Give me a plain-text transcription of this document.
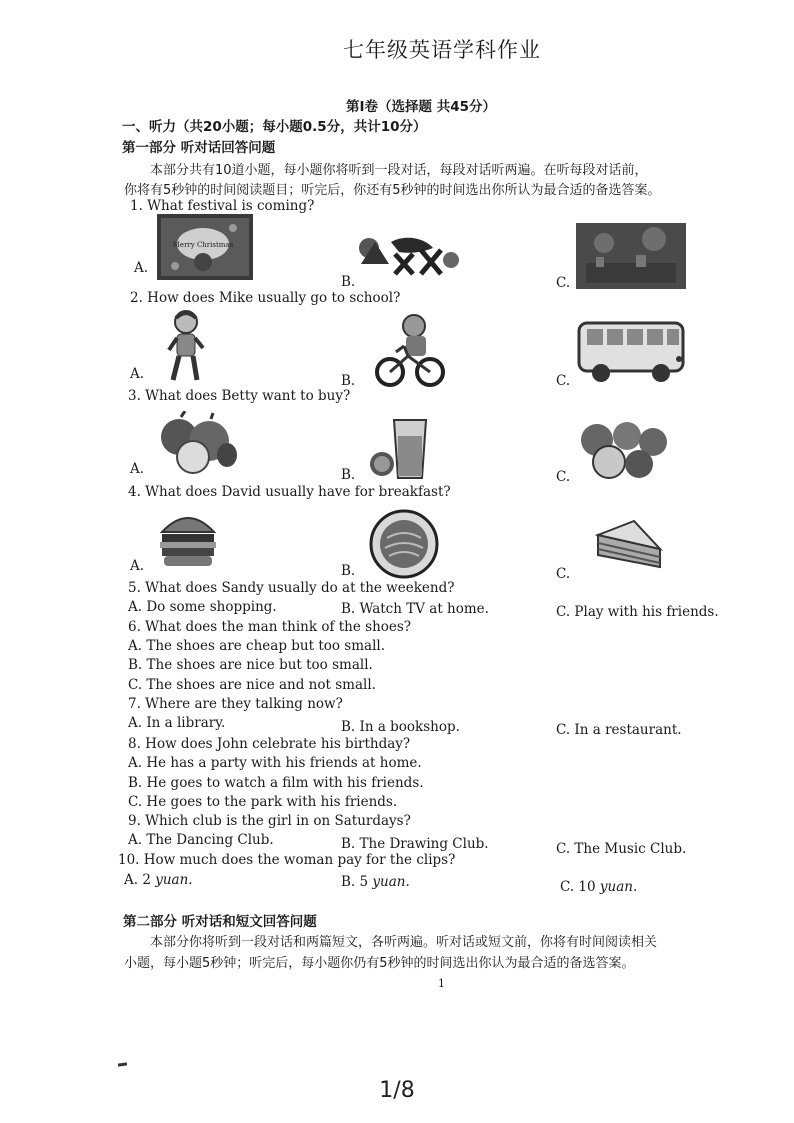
七年级英语学科作业
第Ⅰ卷（选择题 共45分）
一、听力（共20小题；每小题0.5分，共计10分）
第一部分 听对话回答问题
本部分共有10道小题，每小题你将听到一段对话，每段对话听两遍。在听每段对话前，
你将有5秒钟的时间阅读题目；听完后，你还有5秒钟的时间选出你所认为最合适的备选答案。
1. What festival is coming?
A.
Merry Christmas
B.	C.
2. How does Mike usually go to school?
A.	B.	C.
3. What does Betty want to buy?
A.	B.	C.
4. What does David usually have for breakfast?
A.	B.	C.
5. What does Sandy usually do at the weekend?
A. Do some shopping.	B. Watch TV at home.	C. Play with his friends.
6. What does the man think of the shoes?
A. The shoes are cheap but too small.
B. The shoes are nice but too small.
C. The shoes are nice and not small.
7. Where are they talking now?
A. In a library.	B. In a bookshop.	C. In a restaurant.
8. How does John celebrate his birthday?
A. He has a party with his friends at home.
B. He goes to watch a film with his friends.
C. He goes to the park with his friends.
9. Which club is the girl in on Saturdays?
A. The Dancing Club.	B. The Drawing Club.	C. The Music Club.
10. How much does the woman pay for the clips?
A. 2 yuan.	B. 5 yuan.	C. 10 yuan.
第二部分 听对话和短文回答问题
本部分你将听到一段对话和两篇短文，各听两遍。听对话或短文前，你将有时间阅读相关
小题，每小题5秒钟；听完后，每小题你仍有5秒钟的时间选出你认为最合适的备选答案。
1
1/8
